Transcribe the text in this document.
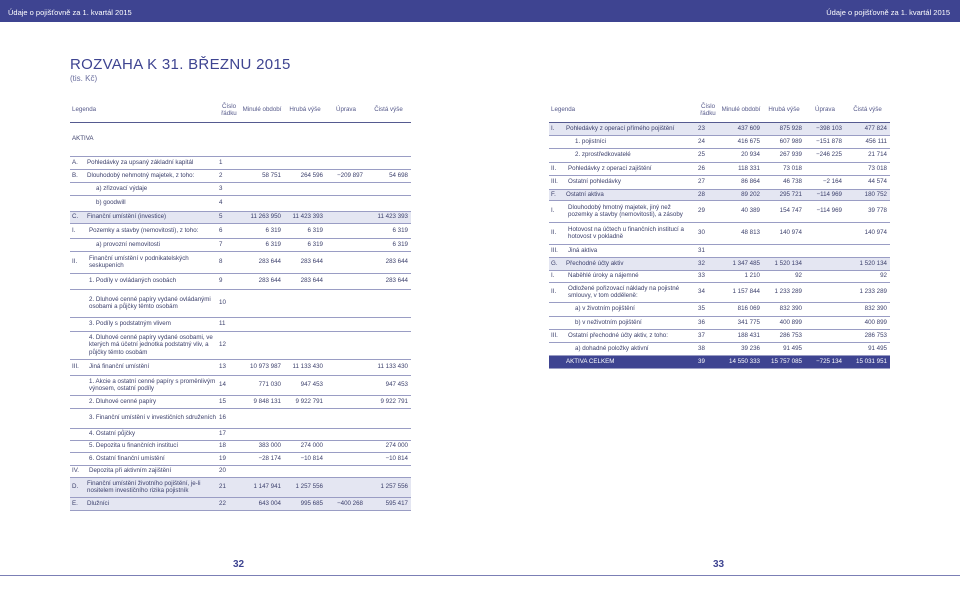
Údaje o pojišťovně za 1. kvartál 2015	Údaje o pojišťovně za 1. kvartál 2015
ROZVAHA K 31. BŘEZNU 2015
(tis. Kč)
Legenda		Číslo řádku	Minulé období	Hrubá výše	Úprava	Čistá výše
AKTIVA						
A.	Pohledávky za upsaný základní kapitál	1				
B.	Dlouhodobý nehmotný majetek, z toho:	2	58 751	264 596	−209 897	54 698
	a) zřizovací výdaje	3				
	b) goodwill	4				
C.	Finanční umístění (investice)	5	11 263 950	11 423 393		11 423 393
I.	Pozemky a stavby (nemovitosti), z toho:	6	6 319	6 319		6 319
	a) provozní nemovitosti	7	6 319	6 319		6 319
II.	Finanční umístění v podnikatelských seskupeních	8	283 644	283 644		283 644
	1. Podíly v ovládaných osobách	9	283 644	283 644		283 644
	2. Dluhové cenné papíry vydané ovládanými osobami a půjčky těmto osobám	10				
	3. Podíly s podstatným vlivem	11				
	4. Dluhové cenné papíry vydané osobami, ve kterých má účetní jednotka podstatný vliv, a půjčky těmto osobám	12				
III.	Jiná finanční umístění	13	10 973 987	11 133 430		11 133 430
	1. Akcie a ostatní cenné papíry s proměnlivým výnosem, ostatní podíly	14	771 030	947 453		947 453
	2. Dluhové cenné papíry	15	9 848 131	9 922 791		9 922 791
	3. Finanční umístění v investičních sdruženích	16				
	4. Ostatní půjčky	17				
	5. Depozita u finančních institucí	18	383 000	274 000		274 000
	6. Ostatní finanční umístění	19	−28 174	−10 814		−10 814
IV.	Depozita při aktivním zajištění	20				
D.	Finanční umístění životního pojištění, je-li nositelem investičního rizika pojistník	21	1 147 941	1 257 556		1 257 556
E.	Dlužníci	22	643 004	995 685	−400 268	595 417
Legenda		Číslo řádku	Minulé období	Hrubá výše	Úprava	Čistá výše
I.	Pohledávky z operací přímého pojištění	23	437 609	875 928	−398 103	477 824
	1. pojistníci	24	416 675	607 989	−151 878	456 111
	2. zprostředkovatelé	25	20 934	267 939	−246 225	21 714
II.	Pohledávky z operací zajištění	26	118 331	73 018		73 018
III.	Ostatní pohledávky	27	86 864	46 738	−2 164	44 574
F.	Ostatní aktiva	28	89 202	295 721	−114 969	180 752
I.	Dlouhodobý hmotný majetek, jiný než pozemky a stavby (nemovitosti), a zásoby	29	40 389	154 747	−114 969	39 778
II.	Hotovost na účtech u finančních institucí a hotovost v pokladně	30	48 813	140 974		140 974
III.	Jiná aktiva	31				
G.	Přechodné účty aktiv	32	1 347 485	1 520 134		1 520 134
I.	Naběhlé úroky a nájemné	33	1 210	92		92
II.	Odložené pořizovací náklady na pojistné smlouvy, v tom odděleně:	34	1 157 844	1 233 289		1 233 289
	a) v životním pojištění	35	816 069	832 390		832 390
	b) v neživotním pojištění	36	341 775	400 899		400 899
III.	Ostatní přechodné účty aktiv, z toho:	37	188 431	286 753		286 753
	a) dohadné položky aktivní	38	39 236	91 495		91 495
	AKTIVA CELKEM	39	14 550 333	15 757 085	−725 134	15 031 951
32	33
